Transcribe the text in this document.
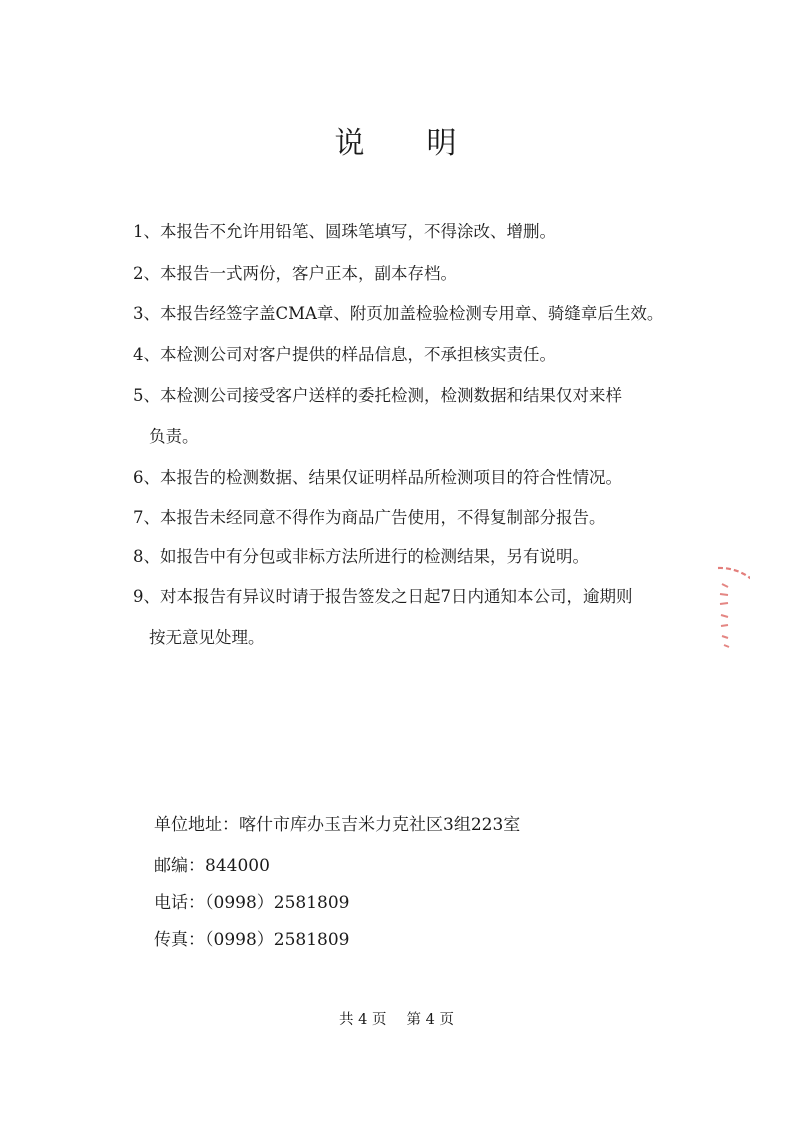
说 明
1、本报告不允许用铅笔、圆珠笔填写，不得涂改、增删。
2、本报告一式两份，客户正本，副本存档。
3、本报告经签字盖CMA章、附页加盖检验检测专用章、骑缝章后生效。
4、本检测公司对客户提供的样品信息，不承担核实责任。
5、本检测公司接受客户送样的委托检测，检测数据和结果仅对来样
负责。
6、本报告的检测数据、结果仅证明样品所检测项目的符合性情况。
7、本报告未经同意不得作为商品广告使用，不得复制部分报告。
8、如报告中有分包或非标方法所进行的检测结果，另有说明。
9、对本报告有异议时请于报告签发之日起7日内通知本公司，逾期则
按无意见处理。
单位地址：喀什市库办玉吉米力克社区3组223室
邮编：844000
电话：（0998）2581809
传真：（0998）2581809
共 4 页 第 4 页
